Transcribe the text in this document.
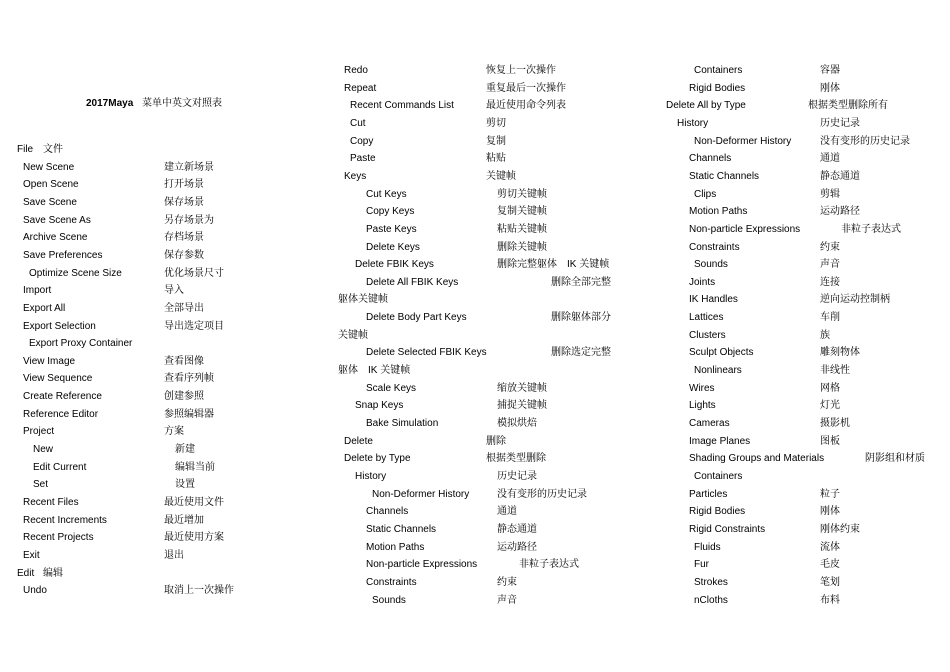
2017Maya 菜单中英文对照表
File 文件
New Scene	建立新场景
Open Scene	打开场景
Save Scene	保存场景
Save Scene As	另存场景为
Archive Scene	存档场景
Save Preferences	保存参数
Optimize Scene Size	优化场景尺寸
Import	导入
Export All	全部导出
Export Selection	导出选定项目
Export Proxy Container
View Image	查看图像
View Sequence	查看序列帧
Create Reference	创建参照
Reference Editor	参照编辑器
Project	方案
New	新建
Edit Current	编辑当前
Set	设置
Recent Files	最近使用文件
Recent Increments	最近增加
Recent Projects	最近使用方案
Exit	退出
Edit 编辑
Undo	取消上一次操作
Redo	恢复上一次操作
Repeat	重复最后一次操作
Recent Commands List	最近使用命令列表
Cut	剪切
Copy	复制
Paste	粘贴
Keys	关键帧
Cut Keys	剪切关键帧
Copy Keys	复制关键帧
Paste Keys	粘贴关键帧
Delete Keys	删除关键帧
Delete FBIK Keys	删除完整躯体　IK 关键帧
Delete All FBIK Keys	删除全部完整
躯体关键帧
Delete Body Part Keys	删除躯体部分
关键帧
Delete Selected FBIK Keys	删除选定完整
躯体　IK 关键帧
Scale Keys	缩放关键帧
Snap Keys	捕捉关键帧
Bake Simulation	模拟烘焙
Delete	删除
Delete by Type	根据类型删除
History	历史记录
Non-Deformer History	没有变形的历史记录
Channels	通道
Static Channels	静态通道
Motion Paths	运动路径
Non-particle Expressions	非粒子表达式
Constraints	约束
Sounds	声音
Containers	容器
Rigid Bodies	刚体
Delete All by Type	根据类型删除所有
History	历史记录
Non-Deformer History	没有变形的历史记录
Channels	通道
Static Channels	静态通道
Clips	剪辑
Motion Paths	运动路径
Non-particle Expressions	非粒子表达式
Constraints	约束
Sounds	声音
Joints	连接
IK Handles	逆向运动控制柄
Lattices	车削
Clusters	族
Sculpt Objects	雕刻物体
Nonlinears	非线性
Wires	网格
Lights	灯光
Cameras	摄影机
Image Planes	图板
Shading Groups and Materials	阴影组和材质
Containers
Particles	粒子
Rigid Bodies	刚体
Rigid Constraints	刚体约束
Fluids	流体
Fur	毛皮
Strokes	笔划
nCloths	布料
